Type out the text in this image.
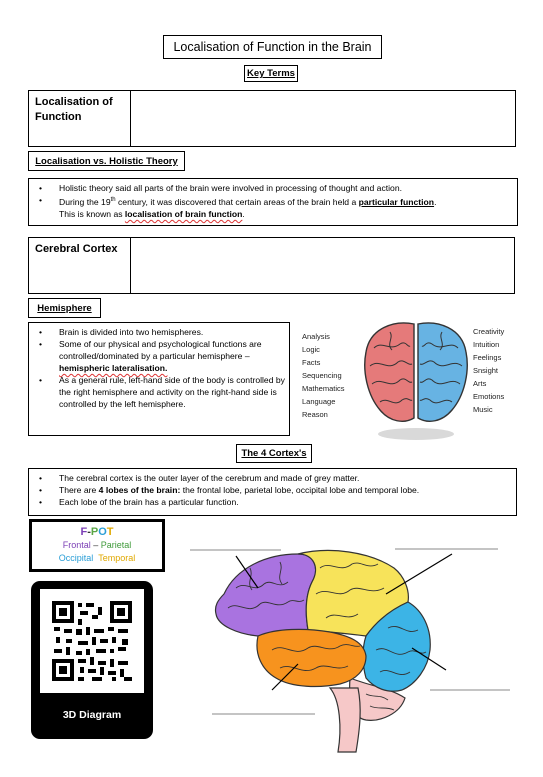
Localisation of Function in the Brain
Key Terms
Localisation of Function
Localisation vs. Holistic Theory
• Holistic theory said all parts of the brain were involved in processing of thought and action.
• During the 19th century, it was discovered that certain areas of the brain held a particular function.
This is known as localisation of brain function.
Cerebral Cortex
Hemisphere
• Brain is divided into two hemispheres.
• Some of our physical and psychological functions are controlled/dominated by a particular hemisphere – hemispheric lateralisation.
• As a general rule, left-hand side of the body is controlled by the right hemisphere and activity on the right-hand side is controlled by the left hemisphere.
Analysis
Logic
Facts
Sequencing
Mathematics
Language
Reason
Creativity
Intuition
Feelings
Snsight
Arts
Emotions
Music
The 4 Cortex's
• The cerebral cortex is the outer layer of the cerebrum and made of grey matter.
• There are 4 lobes of the brain: the frontal lobe, parietal lobe, occipital lobe and temporal lobe.
• Each lobe of the brain has a particular function.
F-POT
Frontal – Parietal
Occipital Temporal
3D Diagram
